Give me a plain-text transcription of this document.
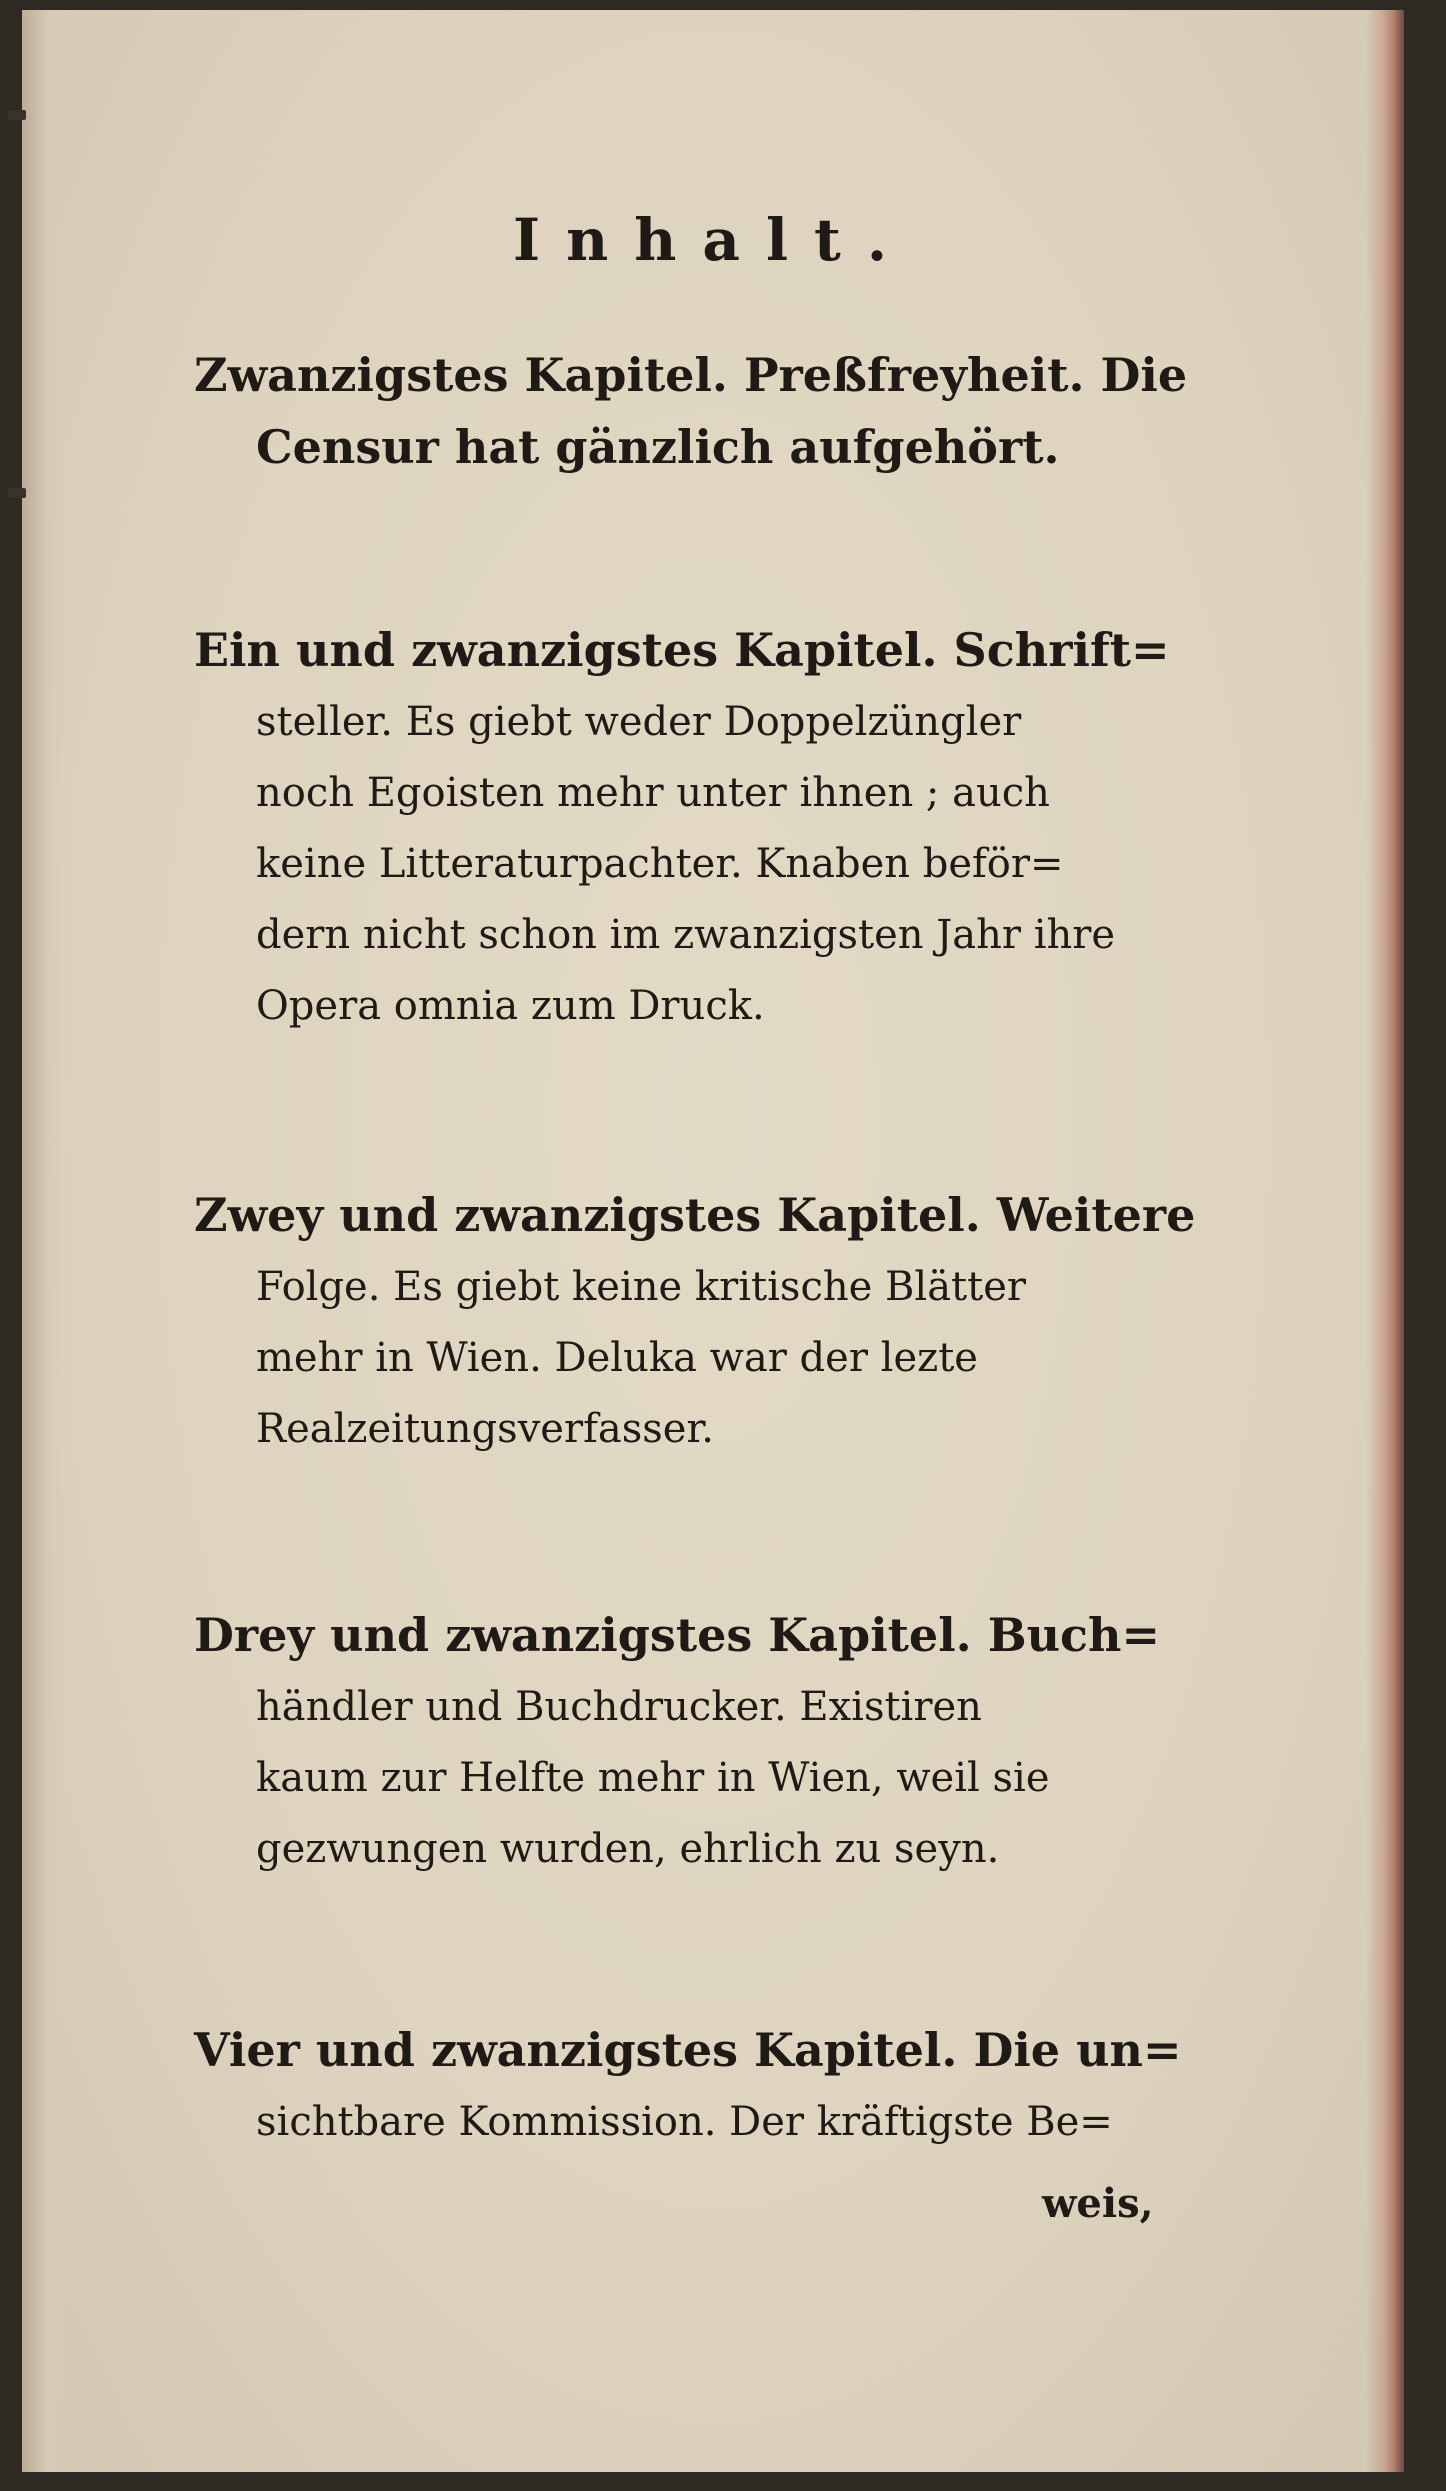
Inhalt.

Zwanzigstes Kapitel. Preßfreyheit. Die

Censur hat gänzlich aufgehört.

Ein und zwanzigstes Kapitel. Schrift=

steller. Es giebt weder Doppelzüngler
noch Egoisten mehr unter ihnen ; auch
keine Litteraturpachter. Knaben beför=
dern nicht schon im zwanzigsten Jahr ihre
Opera omnia zum Druck.

Zwey und zwanzigstes Kapitel. Weitere

Folge. Es giebt keine kritische Blätter
mehr in Wien. Deluka war der lezte
Realzeitungsverfasser.

Drey und zwanzigstes Kapitel. Buch=

händler und Buchdrucker. Existiren
kaum zur Helfte mehr in Wien, weil sie
gezwungen wurden, ehrlich zu seyn.

Vier und zwanzigstes Kapitel. Die un=

sichtbare Kommission. Der kräftigste Be=

weis,
